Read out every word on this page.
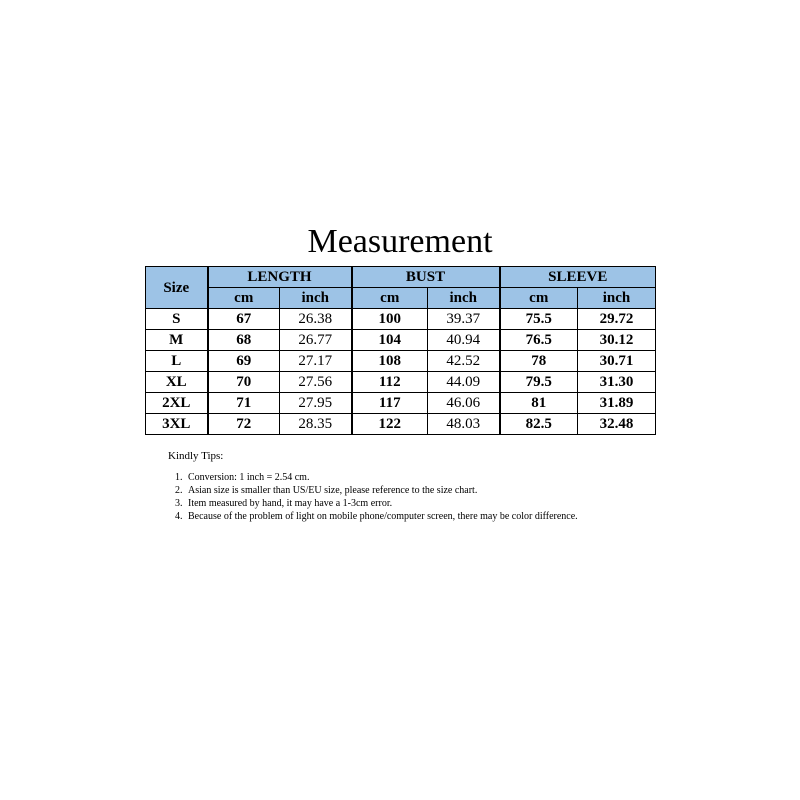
Measurement
Size	LENGTH		BUST		SLEEVE	
	cm	inch	cm	inch	cm	inch
S	67	26.38	100	39.37	75.5	29.72
M	68	26.77	104	40.94	76.5	30.12
L	69	27.17	108	42.52	78	30.71
XL	70	27.56	112	44.09	79.5	31.30
2XL	71	27.95	117	46.06	81	31.89
3XL	72	28.35	122	48.03	82.5	32.48

Kindly Tips:

1. Conversion: 1 inch = 2.54 cm.
2. Asian size is smaller than US/EU size, please reference to the size chart.
3. Item measured by hand, it may have a 1-3cm error.
4. Because of the problem of light on mobile phone/computer screen, there may be color difference.
